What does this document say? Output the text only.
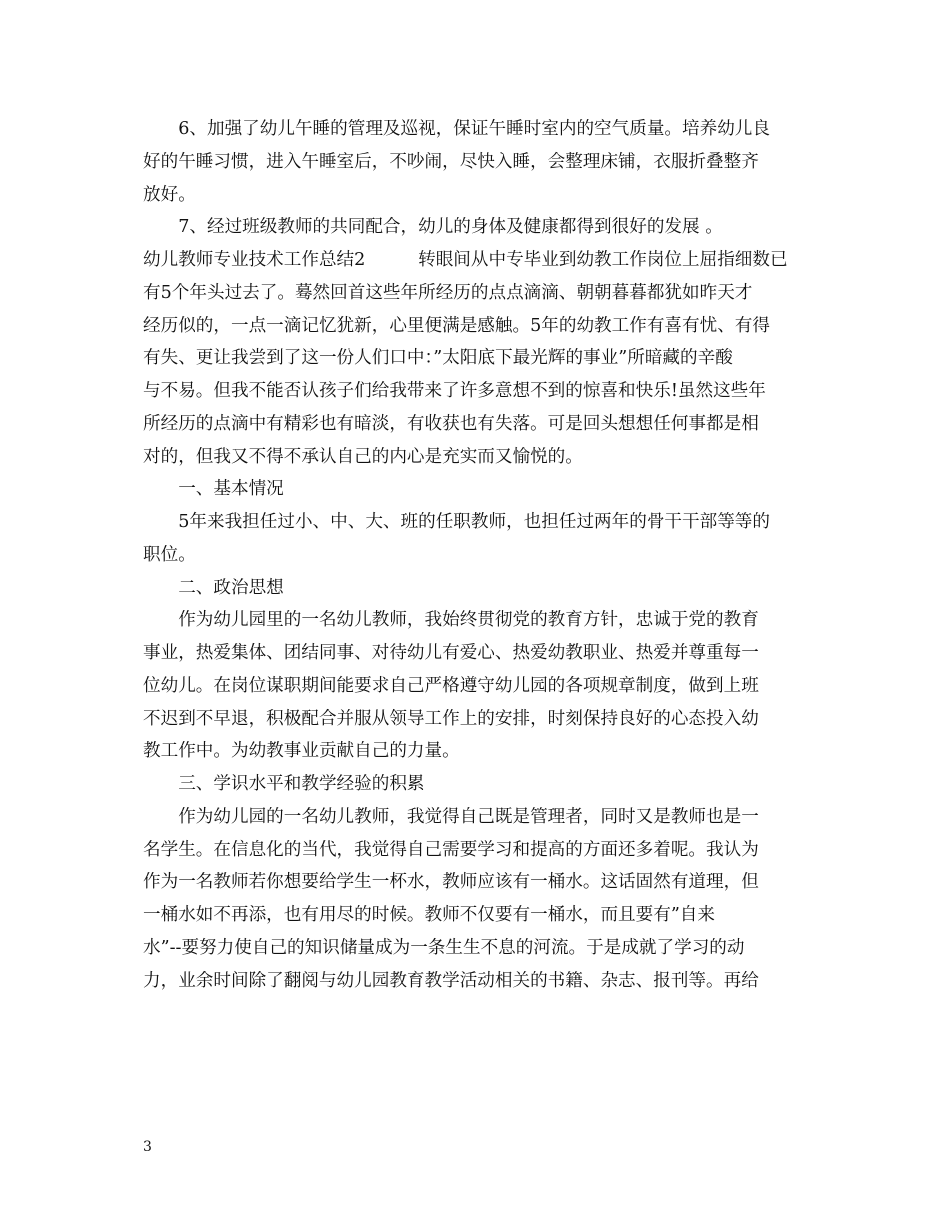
　　6、加强了幼儿午睡的管理及巡视，保证午睡时室内的空气质量。培养幼儿良
好的午睡习惯，进入午睡室后，不吵闹，尽快入睡，会整理床铺，衣服折叠整齐
放好。
　　7、经过班级教师的共同配合，幼儿的身体及健康都得到很好的发展 。
幼儿教师专业技术工作总结2　　　转眼间从中专毕业到幼教工作岗位上屈指细数已
有5个年头过去了。蓦然回首这些年所经历的点点滴滴、朝朝暮暮都犹如昨天才
经历似的，一点一滴记忆犹新，心里便满是感触。5年的幼教工作有喜有忧、有得
有失、更让我尝到了这一份人们口中：”太阳底下最光辉的事业”所暗藏的辛酸
与不易。但我不能否认孩子们给我带来了许多意想不到的惊喜和快乐!虽然这些年
所经历的点滴中有精彩也有暗淡，有收获也有失落。可是回头想想任何事都是相
对的，但我又不得不承认自己的内心是充实而又愉悦的。
　　一、基本情况
　　5年来我担任过小、中、大、班的任职教师，也担任过两年的骨干干部等等的
职位。
　　二、政治思想
　　作为幼儿园里的一名幼儿教师，我始终贯彻党的教育方针，忠诚于党的教育
事业，热爱集体、团结同事、对待幼儿有爱心、热爱幼教职业、热爱并尊重每一
位幼儿。在岗位谋职期间能要求自己严格遵守幼儿园的各项规章制度，做到上班
不迟到不早退，积极配合并服从领导工作上的安排，时刻保持良好的心态投入幼
教工作中。为幼教事业贡献自己的力量。
　　三、学识水平和教学经验的积累
　　作为幼儿园的一名幼儿教师，我觉得自己既是管理者，同时又是教师也是一
名学生。在信息化的当代，我觉得自己需要学习和提高的方面还多着呢。我认为
作为一名教师若你想要给学生一杯水，教师应该有一桶水。这话固然有道理，但
一桶水如不再添，也有用尽的时候。教师不仅要有一桶水，而且要有”自来
水”--要努力使自己的知识储量成为一条生生不息的河流。于是成就了学习的动
力，业余时间除了翻阅与幼儿园教育教学活动相关的书籍、杂志、报刊等。再给
3
